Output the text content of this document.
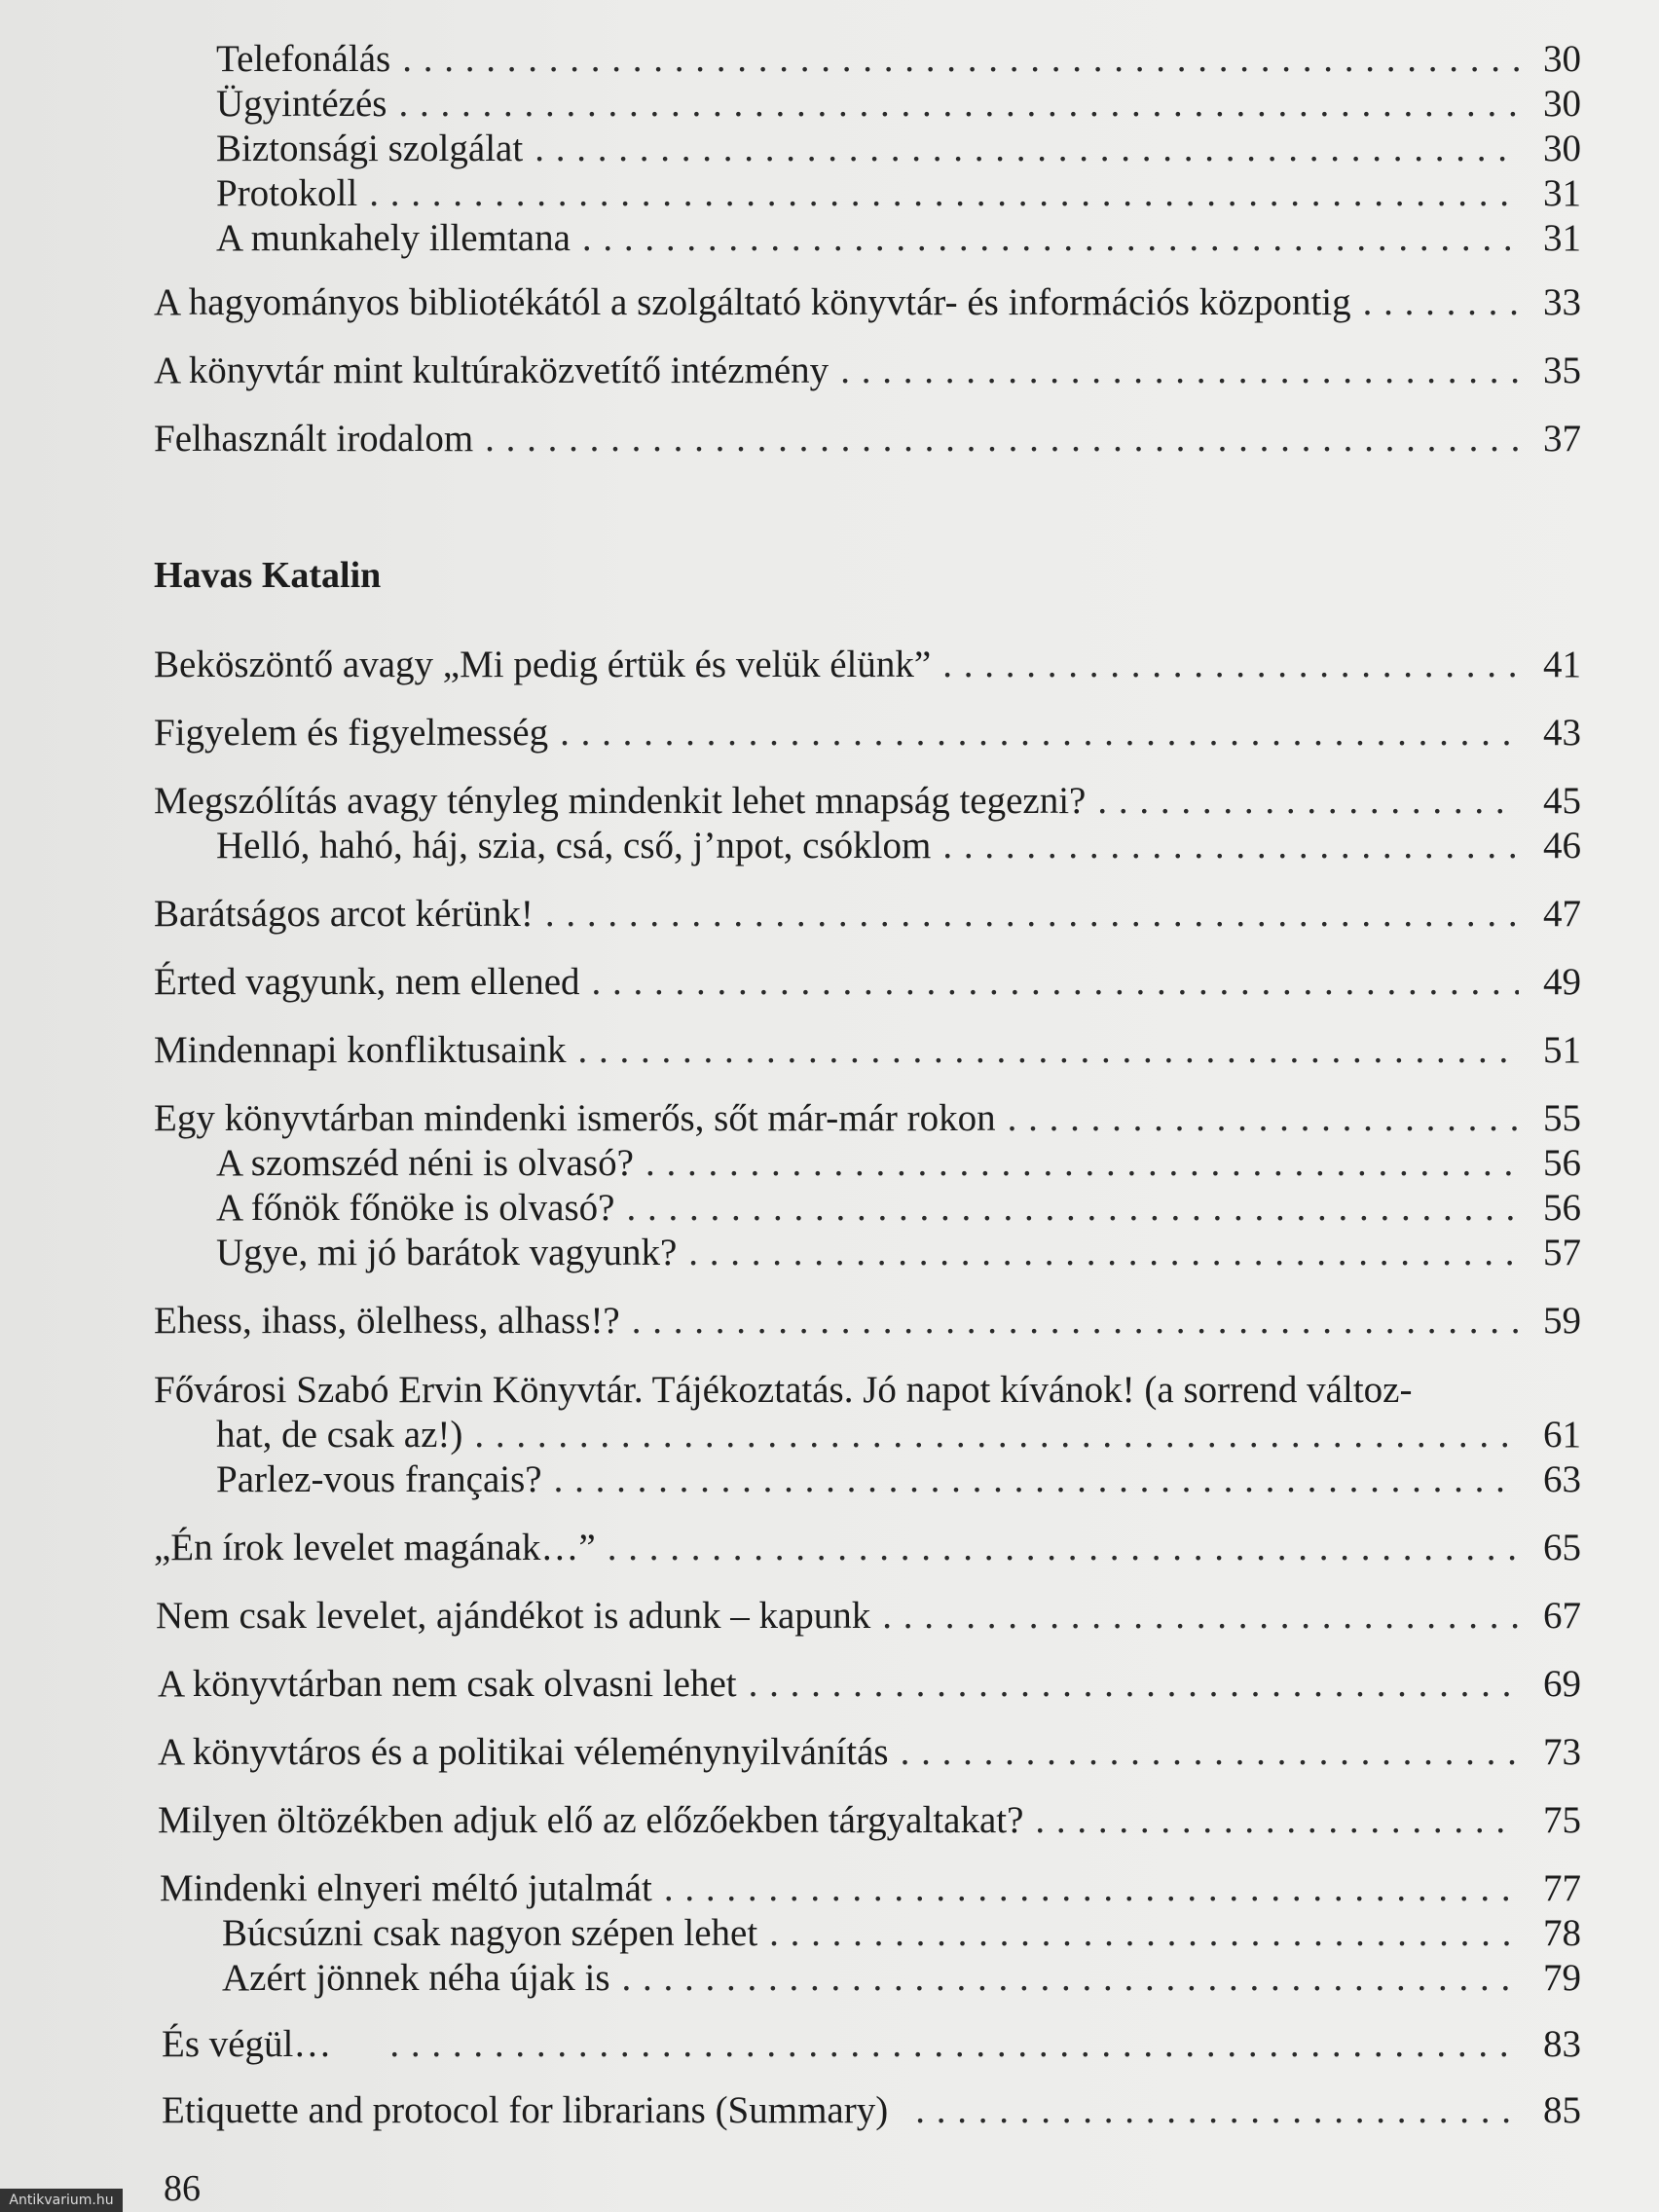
Telefonálás . . .	30
Ügyintézés . . .	30
Biztonsági szolgálat . . .	30
Protokoll . . .	31
A munkahely illemtana . . .	31
A hagyományos bibliotékától a szolgáltató könyvtár- és információs központig . . .	33
A könyvtár mint kultúraközvetítő intézmény . . .	35
Felhasznált irodalom . . .	37
Havas Katalin
Beköszöntő avagy „Mi pedig értük és velük élünk” . . .	41
Figyelem és figyelmesség . . .	43
Megszólítás avagy tényleg mindenkit lehet mnapság tegezni? . . .	45
Helló, hahó, háj, szia, csá, cső, j’npot, csóklom . . .	46
Barátságos arcot kérünk! . . .	47
Érted vagyunk, nem ellened . . .	49
Mindennapi konfliktusaink . . .	51
Egy könyvtárban mindenki ismerős, sőt már-már rokon . . .	55
A szomszéd néni is olvasó? . . .	56
A főnök főnöke is olvasó? . . .	56
Ugye, mi jó barátok vagyunk? . . .	57
Ehess, ihass, ölelhess, alhass!? . . .	59
Fővárosi Szabó Ervin Könyvtár. Tájékoztatás. Jó napot kívánok! (a sorrend változ-
hat, de csak az!) . . .	61
Parlez-vous français? . . .	63
„Én írok levelet magának…” . . .	65
Nem csak levelet, ajándékot is adunk – kapunk . . .	67
A könyvtárban nem csak olvasni lehet . . .	69
A könyvtáros és a politikai véleménynyilvánítás . . .	73
Milyen öltözékben adjuk elő az előzőekben tárgyaltakat? . . .	75
Mindenki elnyeri méltó jutalmát . . .	77
Búcsúzni csak nagyon szépen lehet . . .	78
Azért jönnek néha újak is . . .	79
És végül… . . .	83
Etiquette and protocol for librarians (Summary) . . .	85
86
Antikvarium.hu
